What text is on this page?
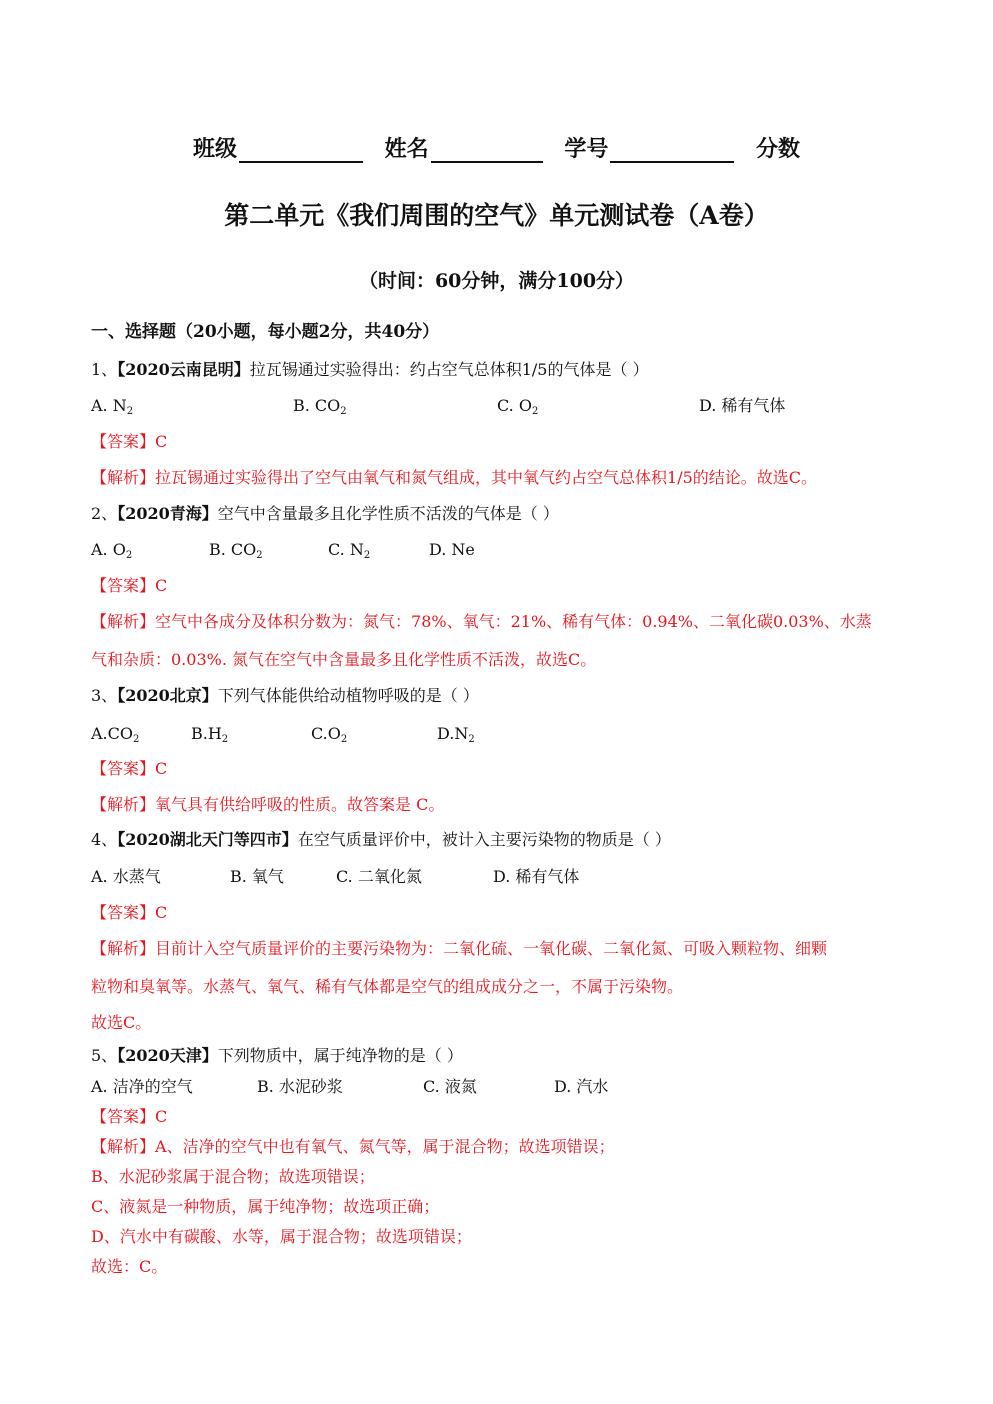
班级	姓名	学号	分数
第二单元《我们周围的空气》单元测试卷（A卷）
（时间：60分钟，满分100分）
一、选择题（20小题，每小题2分，共40分）
1、【2020云南昆明】拉瓦锡通过实验得出：约占空气总体积1/5的气体是（ ）
A. $N_2$	B. $CO_2$	C. $O_2$	D. 稀有气体
【答案】C
【解析】拉瓦锡通过实验得出了空气由氧气和氮气组成，其中氧气约占空气总体积1/5的结论。故选C。
2、【2020青海】空气中含量最多且化学性质不活泼的气体是（ ）
A. $O_2$	B. $CO_2$	C. $N_2$	D. Ne
【答案】C
【解析】空气中各成分及体积分数为：氮气：78%、氧气：21%、稀有气体：0.94%、二氧化碳0.03%、水蒸
气和杂质：0.03%. 氮气在空气中含量最多且化学性质不活泼，故选C。
3、【2020北京】下列气体能供给动植物呼吸的是（ ）
$A.CO_2$	$B.H_2$	$C.O_2$	$D.N_2$
【答案】C
【解析】氧气具有供给呼吸的性质。故答案是 C。
4、【2020湖北天门等四市】在空气质量评价中，被计入主要污染物的物质是（ ）
A. 水蒸气	B. 氧气	C. 二氧化氮	D. 稀有气体
【答案】C
【解析】目前计入空气质量评价的主要污染物为：二氧化硫、一氧化碳、二氧化氮、可吸入颗粒物、细颗
粒物和臭氧等。水蒸气、氧气、稀有气体都是空气的组成成分之一，不属于污染物。
故选C。
5、【2020天津】下列物质中，属于纯净物的是（ ）
A. 洁净的空气	B. 水泥砂浆	C. 液氮	D. 汽水
【答案】C
【解析】A、洁净的空气中也有氧气、氮气等，属于混合物；故选项错误；
B、水泥砂浆属于混合物；故选项错误；
C、液氮是一种物质，属于纯净物；故选项正确；
D、汽水中有碳酸、水等，属于混合物；故选项错误；
故选：C。
